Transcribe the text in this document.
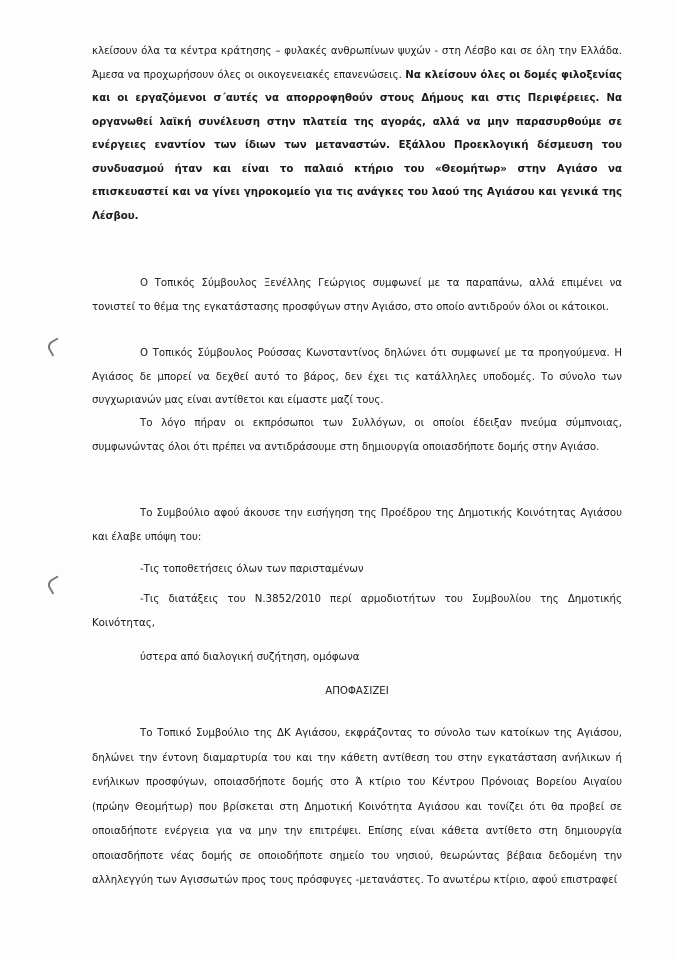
κλείσουν όλα τα κέντρα κράτησης – φυλακές ανθρωπίνων ψυχών - στη Λέσβο και σε όλη την Ελλάδα. Άμεσα να προχωρήσουν όλες οι οικογενειακές επανενώσεις. Να κλείσουν όλες οι δομές φιλοξενίας και οι εργαζόμενοι σ΄αυτές να απορροφηθούν στους Δήμους και στις Περιφέρειες. Να οργανωθεί λαϊκή συνέλευση στην πλατεία της αγοράς, αλλά να μην παρασυρθούμε σε ενέργειες εναντίον των ίδιων των μεταναστών. Εξάλλου Προεκλογική δέσμευση του συνδυασμού ήταν και είναι το παλαιό κτήριο του «Θεομήτωρ» στην Αγιάσο να επισκευαστεί και να γίνει γηροκομείο για τις ανάγκες του λαού της Αγιάσου και γενικά της Λέσβου.

Ο Τοπικός Σύμβουλος Ξενέλλης Γεώργιος συμφωνεί με τα παραπάνω, αλλά επιμένει να τονιστεί το θέμα της εγκατάστασης προσφύγων στην Αγιάσο, στο οποίο αντιδρούν όλοι οι κάτοικοι.

Ο Τοπικός Σύμβουλος Ρούσσας Κωνσταντίνος δηλώνει ότι συμφωνεί με τα προηγούμενα. Η Αγιάσος δε μπορεί να δεχθεί αυτό το βάρος, δεν έχει τις κατάλληλες υποδομές. Το σύνολο των συγχωριανών μας είναι αντίθετοι και είμαστε μαζί τους.

Το λόγο πήραν οι εκπρόσωποι των Συλλόγων, οι οποίοι έδειξαν πνεύμα σύμπνοιας, συμφωνώντας όλοι ότι πρέπει να αντιδράσουμε στη δημιουργία οποιασδήποτε δομής στην Αγιάσο.

Το Συμβούλιο αφού άκουσε την εισήγηση της Προέδρου της Δημοτικής Κοινότητας Αγιάσου και έλαβε υπόψη του:

-Τις τοποθετήσεις όλων των παρισταμένων

-Τις διατάξεις του Ν.3852/2010 περί αρμοδιοτήτων του Συμβουλίου της Δημοτικής Κοινότητας,

ύστερα από διαλογική συζήτηση, ομόφωνα

ΑΠΟΦΑΣΙΖΕΙ

Το Τοπικό Συμβούλιο της ΔΚ Αγιάσου, εκφράζοντας το σύνολο των κατοίκων της Αγιάσου, δηλώνει την έντονη διαμαρτυρία του και την κάθετη αντίθεση του στην εγκατάσταση ανήλικων ή ενήλικων προσφύγων, οποιασδήποτε δομής στο Ά κτίριο του Κέντρου Πρόνοιας Βορείου Αιγαίου (πρώην Θεομήτωρ) που βρίσκεται στη Δημοτική Κοινότητα Αγιάσου και τονίζει ότι θα προβεί σε οποιαδήποτε ενέργεια για να μην την επιτρέψει. Επίσης είναι κάθετα αντίθετο στη δημιουργία οποιασδήποτε νέας δομής σε οποιοδήποτε σημείο του νησιού, θεωρώντας βέβαια δεδομένη την αλληλεγγύη των Αγισσωτών προς τους πρόσφυγες -μετανάστες. Το ανωτέρω κτίριο, αφού επιστραφεί
